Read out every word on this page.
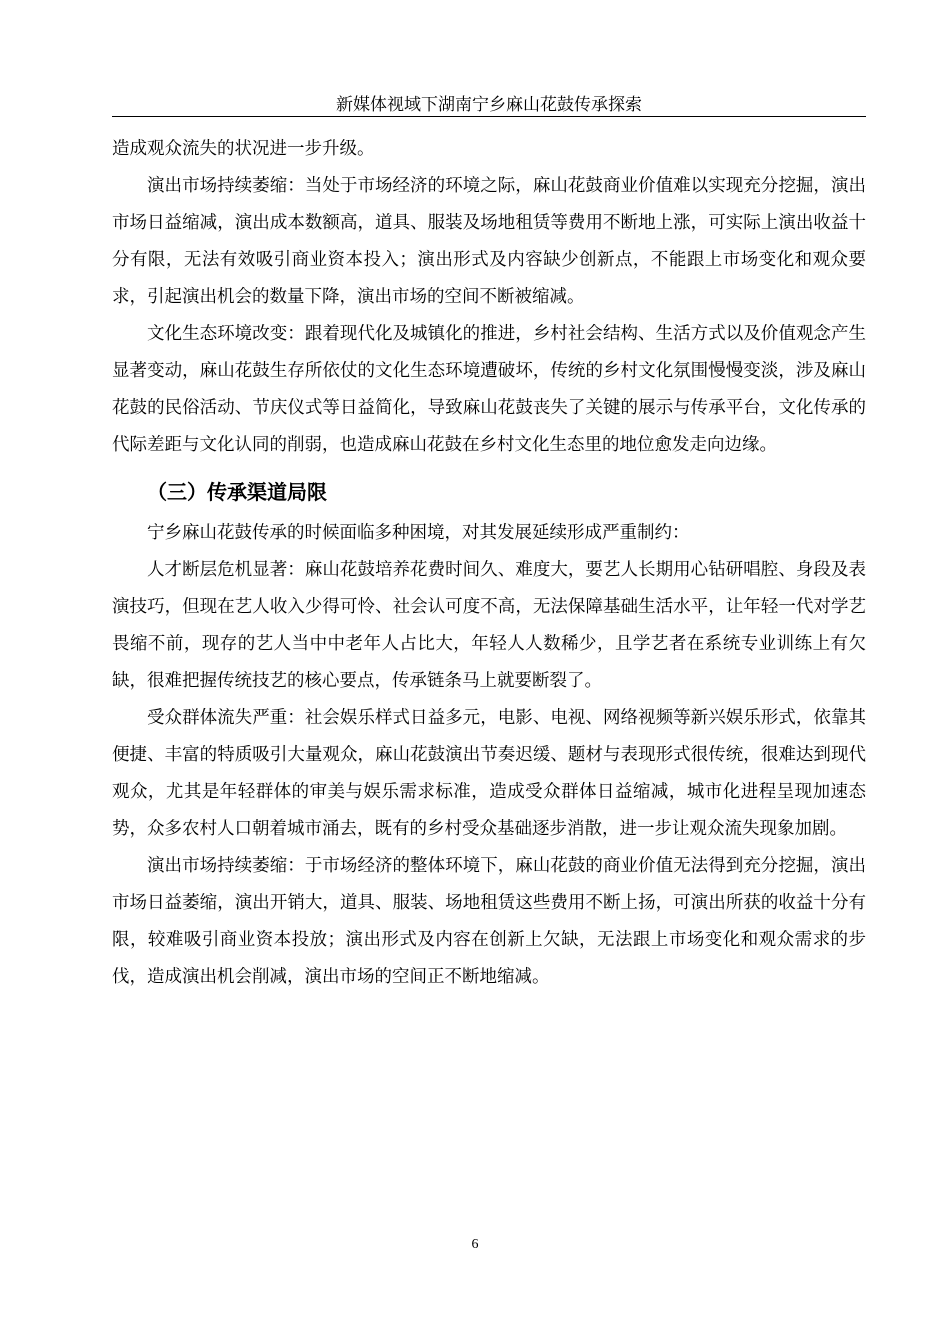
新媒体视域下湖南宁乡麻山花鼓传承探索

造成观众流失的状况进一步升级。

演出市场持续萎缩：当处于市场经济的环境之际，麻山花鼓商业价值难以实现充分挖掘，演出市场日益缩减，演出成本数额高，道具、服装及场地租赁等费用不断地上涨，可实际上演出收益十分有限，无法有效吸引商业资本投入；演出形式及内容缺少创新点，不能跟上市场变化和观众要求，引起演出机会的数量下降，演出市场的空间不断被缩减。

文化生态环境改变：跟着现代化及城镇化的推进，乡村社会结构、生活方式以及价值观念产生显著变动，麻山花鼓生存所依仗的文化生态环境遭破坏，传统的乡村文化氛围慢慢变淡，涉及麻山花鼓的民俗活动、节庆仪式等日益简化，导致麻山花鼓丧失了关键的展示与传承平台，文化传承的代际差距与文化认同的削弱，也造成麻山花鼓在乡村文化生态里的地位愈发走向边缘。

（三）传承渠道局限

宁乡麻山花鼓传承的时候面临多种困境，对其发展延续形成严重制约：

人才断层危机显著：麻山花鼓培养花费时间久、难度大，要艺人长期用心钻研唱腔、身段及表演技巧，但现在艺人收入少得可怜、社会认可度不高，无法保障基础生活水平，让年轻一代对学艺畏缩不前，现存的艺人当中中老年人占比大，年轻人人数稀少，且学艺者在系统专业训练上有欠缺，很难把握传统技艺的核心要点，传承链条马上就要断裂了。

受众群体流失严重：社会娱乐样式日益多元，电影、电视、网络视频等新兴娱乐形式，依靠其便捷、丰富的特质吸引大量观众，麻山花鼓演出节奏迟缓、题材与表现形式很传统，很难达到现代观众，尤其是年轻群体的审美与娱乐需求标准，造成受众群体日益缩减，城市化进程呈现加速态势，众多农村人口朝着城市涌去，既有的乡村受众基础逐步消散，进一步让观众流失现象加剧。

演出市场持续萎缩：于市场经济的整体环境下，麻山花鼓的商业价值无法得到充分挖掘，演出市场日益萎缩，演出开销大，道具、服装、场地租赁这些费用不断上扬，可演出所获的收益十分有限，较难吸引商业资本投放；演出形式及内容在创新上欠缺，无法跟上市场变化和观众需求的步伐，造成演出机会削减，演出市场的空间正不断地缩减。

6
